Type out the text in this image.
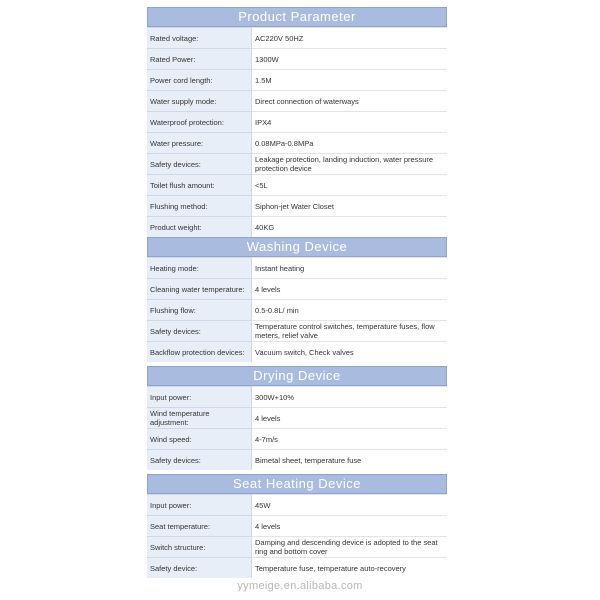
Product Parameter
Rated voltage:	AC220V 50HZ
Rated Power:	1300W
Power cord length:	1.5M
Water supply mode:	Direct connection of waterways
Waterproof protection:	IPX4
Water pressure:	0.08MPa-0.8MPa
Safety devices:	Leakage protection, landing induction, water pressure protection device
Toilet flush amount:	<5L
Flushing method:	Siphon-jet Water Closet
Product weight:	40KG
Washing Device
Heating mode:	Instant heating
Cleaning water temperature:	4 levels
Flushing flow:	0.5-0.8L/ min
Safety devices:	Temperature control switches, temperature fuses, flow meters, relief valve
Backflow protection devices:	Vacuum switch, Check valves
Drying Device
Input power:	300W+10%
Wind temperature adjustment:	4 levels
Wind speed:	4-7m/s
Safety devices:	Bimetal sheet, temperature fuse
Seat Heating Device
Input power:	45W
Seat temperature:	4 levels
Switch structure:	Damping and descending device is adopted to the seat ring and bottom cover
Safety device:	Temperature fuse, temperature auto-recovery
yymeige.en.alibaba.com
